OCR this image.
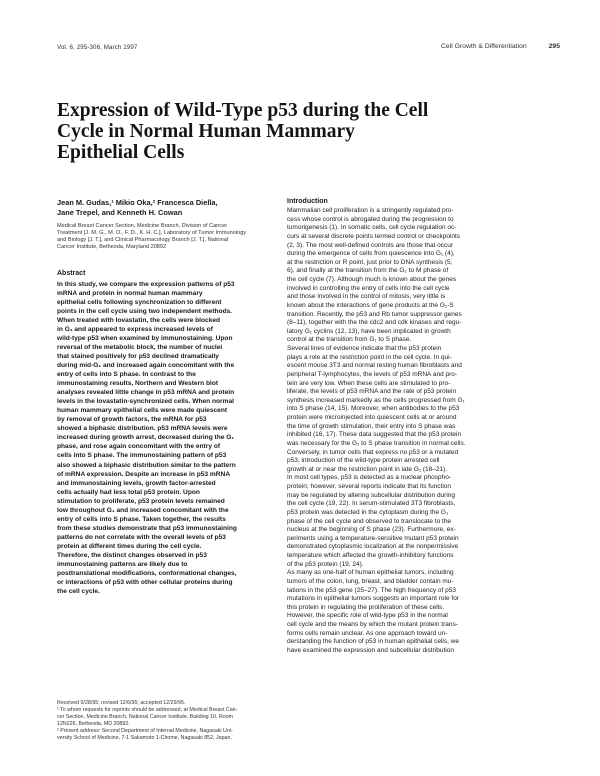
Vol. 6, 295-306, March 1997	Cell Growth & Differentiation	295
Expression of Wild-Type p53 during the Cell
Cycle in Normal Human Mammary
Epithelial Cells

Jean M. Gudas,¹ Mikio Oka,² Francesca Diella,
Jane Trepel, and Kenneth H. Cowan

Medical Breast Cancer Section, Medicine Branch, Division of Cancer
Treatment [J. M. G., M. O., F. D., K. H. C.], Laboratory of Tumor Immunology
and Biology [J. T.], and Clinical Pharmacology Branch [J. T.], National
Cancer Institute, Bethesda, Maryland 20892

Abstract

In this study, we compare the expression patterns of p53
mRNA and protein in normal human mammary
epithelial cells following synchronization to different
points in the cell cycle using two independent methods.
When treated with lovastatin, the cells were blocked
in G₁ and appeared to express increased levels of
wild-type p53 when examined by immunostaining. Upon
reversal of the metabolic block, the number of nuclei
that stained positively for p53 declined dramatically
during mid-G₁ and increased again concomitant with the
entry of cells into S phase. In contrast to the
immunostaining results, Northern and Western blot
analyses revealed little change in p53 mRNA and protein
levels in the lovastatin-synchronized cells. When normal
human mammary epithelial cells were made quiescent
by removal of growth factors, the mRNA for p53
showed a biphasic distribution. p53 mRNA levels were
increased during growth arrest, decreased during the G₁
phase, and rose again concomitant with the entry of
cells into S phase. The immunostaining pattern of p53
also showed a biphasic distribution similar to the pattern
of mRNA expression. Despite an increase in p53 mRNA
and immunostaining levels, growth factor-arrested
cells actually had less total p53 protein. Upon
stimulation to proliferate, p53 protein levels remained
low throughout G₁ and increased concomitant with the
entry of cells into S phase. Taken together, the results
from these studies demonstrate that p53 immunostaining
patterns do not correlate with the overall levels of p53
protein at different times during the cell cycle.
Therefore, the distinct changes observed in p53
immunostaining patterns are likely due to
posttranslational modifications, conformational changes,
or interactions of p53 with other cellular proteins during
the cell cycle.

Introduction

Mammalian cell proliferation is a stringently regulated pro-
cess whose control is abrogated during the progression to
tumorigenesis (1). In somatic cells, cell cycle regulation oc-
curs at several discrete points termed control or checkpoints
(2, 3). The most well-defined controls are those that occur
during the emergence of cells from quiescence into G₁ (4),
at the restriction or R point, just prior to DNA synthesis (5,
6), and finally at the transition from the G₂ to M phase of
the cell cycle (7). Although much is known about the genes
involved in controlling the entry of cells into the cell cycle
and those involved in the control of mitosis, very little is
known about the interactions of gene products at the G₁-S
transition. Recently, the p53 and Rb tumor suppressor genes
(8–11), together with the the cdc2 and cdk kinases and regu-
latory G₁ cyclins (12, 13), have been implicated in growth
control at the transition from G₁ to S phase.
Several lines of evidence indicate that the p53 protein
plays a role at the restriction point in the cell cycle. In qui-
escent mouse 3T3 and normal resting human fibroblasts and
peripheral T-lymphocytes, the levels of p53 mRNA and pro-
tein are very low. When these cells are stimulated to pro-
liferate, the levels of p53 mRNA and the rate of p53 protein
synthesis increased markedly as the cells progressed from G₁
into S phase (14, 15). Moreover, when antibodies to the p53
protein were microinjected into quiescent cells at or around
the time of growth stimulation, their entry into S phase was
inhibited (16, 17). These data suggested that the p53 protein
was necessary for the G₁ to S phase transition in normal cells.
Conversely, in tumor cells that express no p53 or a mutated
p53, introduction of the wild-type protein arrested cell
growth at or near the restriction point in late G₁ (18–21).
In most cell types, p53 is detected as a nuclear phospho-
protein; however, several reports indicate that its function
may be regulated by altering subcellular distribution during
the cell cycle (19, 22). In serum-stimulated 3T3 fibroblasts,
p53 protein was detected in the cytoplasm during the G₁
phase of the cell cycle and observed to translocate to the
nucleus at the beginning of S phase (23). Furthermore, ex-
periments using a temperature-sensitive mutant p53 protein
demonstrated cytoplasmic localization at the nonpermissive
temperature which affected the growth-inhibitory functions
of the p53 protein (19, 24).
As many as one-half of human epithelial tumors, including
tumors of the colon, lung, breast, and bladder contain mu-
tations in the p53 gene (25–27). The high frequency of p53
mutations in epithelial tumors suggests an important role for
this protein in regulating the proliferation of these cells.
However, the specific role of wild-type p53 in the normal
cell cycle and the means by which the mutant protein trans-
forms cells remain unclear. As one approach toward un-
derstanding the function of p53 in human epithelial cells, we
have examined the expression and subcellular distribution

Received 9/28/95; revised 12/6/95; accepted 12/29/95.
¹ To whom requests for reprints should be addressed, at Medical Breast Can-
cer Section, Medicine Branch, National Cancer Institute, Building 10, Room
12N226, Bethesda, MD 20892.
² Present address: Second Department of Internal Medicine, Nagasaki Uni-
versity School of Medicine, 7-1 Sakamoto 1-Chome, Nagasaki 852, Japan.
